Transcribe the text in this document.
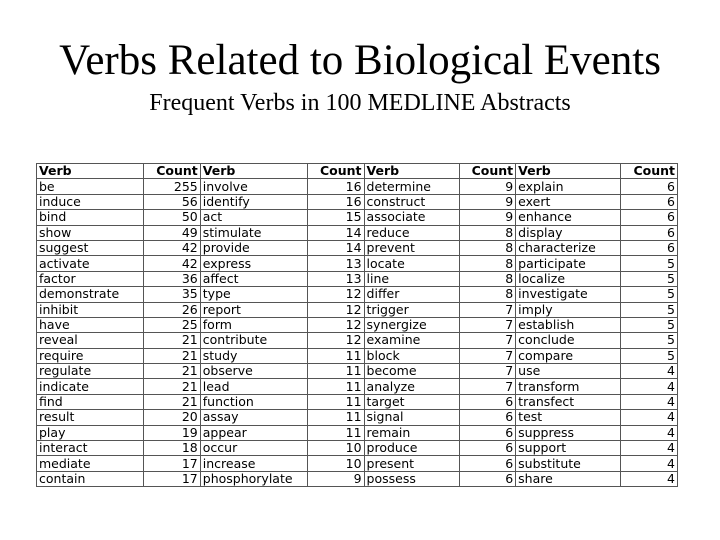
Verbs Related to Biological Events
Frequent Verbs in 100 MEDLINE Abstracts
Verb	Count	Verb	Count	Verb	Count	Verb	Count
be	255	involve	16	determine	9	explain	6
induce	56	identify	16	construct	9	exert	6
bind	50	act	15	associate	9	enhance	6
show	49	stimulate	14	reduce	8	display	6
suggest	42	provide	14	prevent	8	characterize	6
activate	42	express	13	locate	8	participate	5
factor	36	affect	13	line	8	localize	5
demonstrate	35	type	12	differ	8	investigate	5
inhibit	26	report	12	trigger	7	imply	5
have	25	form	12	synergize	7	establish	5
reveal	21	contribute	12	examine	7	conclude	5
require	21	study	11	block	7	compare	5
regulate	21	observe	11	become	7	use	4
indicate	21	lead	11	analyze	7	transform	4
find	21	function	11	target	6	transfect	4
result	20	assay	11	signal	6	test	4
play	19	appear	11	remain	6	suppress	4
interact	18	occur	10	produce	6	support	4
mediate	17	increase	10	present	6	substitute	4
contain	17	phosphorylate	9	possess	6	share	4
